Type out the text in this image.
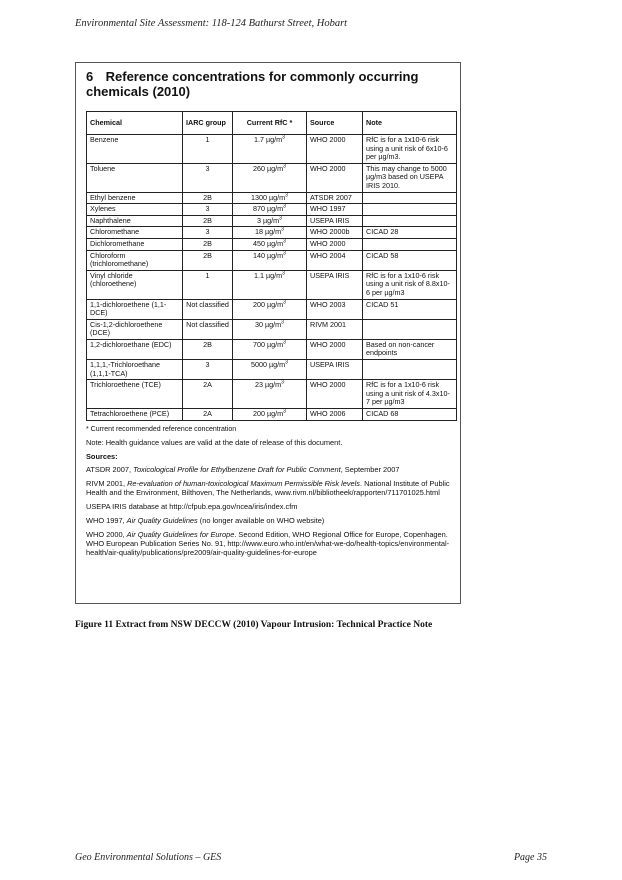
Environmental Site Assessment: 118-124 Bathurst Street, Hobart
6 Reference concentrations for commonly occurring chemicals (2010)
Chemical	IARC group	Current RfC *	Source	Note
Benzene	1	1.7 $\mu g/m^3$	WHO 2000	RfC is for a 1x10-6 risk using a unit risk of 6x10-6 per µg/m3.
Toluene	3	260 $\mu g/m^3$	WHO 2000	This may change to 5000 µg/m3 based on USEPA IRIS 2010.
Ethyl benzene	2B	1300 $\mu g/m^3$	ATSDR 2007	
Xylenes	3	870 $\mu g/m^3$	WHO 1997	
Naphthalene	2B	3 $\mu g/m^3$	USEPA IRIS	
Chloromethane	3	18 $\mu g/m^3$	WHO 2000b	CICAD 28
Dichloromethane	2B	450 $\mu g/m^3$	WHO 2000	
Chloroform (trichloromethane)	2B	140 $\mu g/m^3$	WHO 2004	CICAD 58
Vinyl chloride (chloroethene)	1	1.1 $\mu g/m^3$	USEPA IRIS	RfC is for a 1x10-6 risk using a unit risk of 8.8x10-6 per µg/m3
1,1-dichloroethene (1,1-DCE)	Not classified	200 $\mu g/m^3$	WHO 2003	CICAD 51
Cis-1,2-dichloroethene (DCE)	Not classified	30 $\mu g/m^3$	RIVM 2001	
1,2-dichloroethane (EDC)	2B	700 $\mu g/m^3$	WHO 2000	Based on non-cancer endpoints
1,1,1,-Trichloroethane (1,1,1-TCA)	3	5000 $\mu g/m^3$	USEPA IRIS	
Trichloroethene (TCE)	2A	23 $\mu g/m^3$	WHO 2000	RfC is for a 1x10-6 risk using a unit risk of 4.3x10-7 per µg/m3
Tetrachloroethene (PCE)	2A	200 $\mu g/m^3$	WHO 2006	CICAD 68

* Current recommended reference concentration

Note: Health guidance values are valid at the date of release of this document.

Sources:

ATSDR 2007, Toxicological Profile for Ethylbenzene Draft for Public Comment, September 2007

RIVM 2001, Re-evaluation of human-toxicological Maximum Permissible Risk levels. National Institute of Public Health and the Environment, Bilthoven, The Netherlands, www.rivm.nl/bibliotheek/rapporten/711701025.html

USEPA IRIS database at http://cfpub.epa.gov/ncea/iris/index.cfm

WHO 1997, Air Quality Guidelines (no longer available on WHO website)

WHO 2000, Air Quality Guidelines for Europe. Second Edition, WHO Regional Office for Europe, Copenhagen. WHO European Publication Series No. 91, http://www.euro.who.int/en/what-we-do/health-topics/environmental-health/air-quality/publications/pre2009/air-quality-guidelines-for-europe

Figure 11 Extract from NSW DECCW (2010) Vapour Intrusion: Technical Practice Note
Geo Environmental Solutions – GES	Page 35
